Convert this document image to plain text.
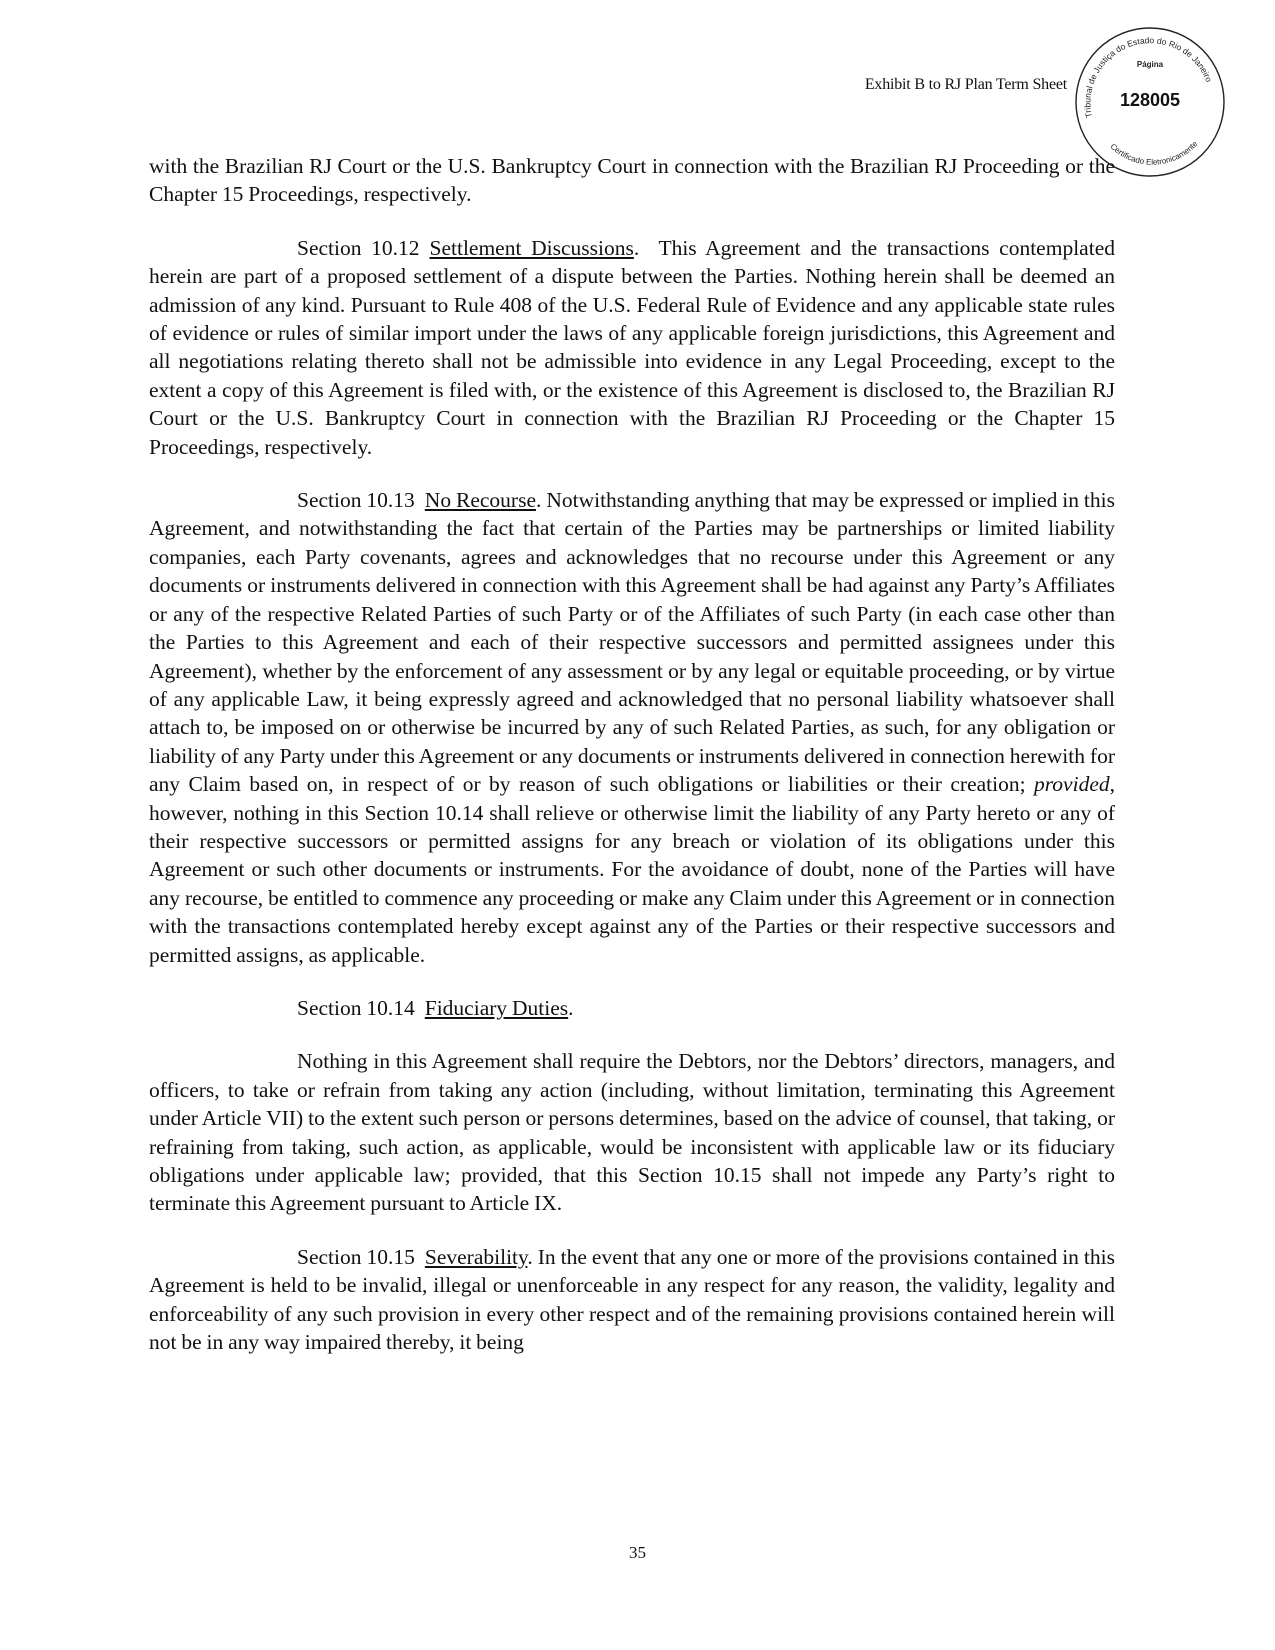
Exhibit B to RJ Plan Term Sheet
Tribunal de Justiça do Estado do Rio de Janeiro
Certificado Eletronicamente
Página
128005

with the Brazilian RJ Court or the U.S. Bankruptcy Court in connection with the Brazilian RJ Proceeding or the Chapter 15 Proceedings, respectively.

Section 10.12 Settlement Discussions. This Agreement and the transactions contemplated herein are part of a proposed settlement of a dispute between the Parties. Nothing herein shall be deemed an admission of any kind. Pursuant to Rule 408 of the U.S. Federal Rule of Evidence and any applicable state rules of evidence or rules of similar import under the laws of any applicable foreign jurisdictions, this Agreement and all negotiations relating thereto shall not be admissible into evidence in any Legal Proceeding, except to the extent a copy of this Agreement is filed with, or the existence of this Agreement is disclosed to, the Brazilian RJ Court or the U.S. Bankruptcy Court in connection with the Brazilian RJ Proceeding or the Chapter 15 Proceedings, respectively.

Section 10.13 No Recourse. Notwithstanding anything that may be expressed or implied in this Agreement, and notwithstanding the fact that certain of the Parties may be partnerships or limited liability companies, each Party covenants, agrees and acknowledges that no recourse under this Agreement or any documents or instruments delivered in connection with this Agreement shall be had against any Party’s Affiliates or any of the respective Related Parties of such Party or of the Affiliates of such Party (in each case other than the Parties to this Agreement and each of their respective successors and permitted assignees under this Agreement), whether by the enforcement of any assessment or by any legal or equitable proceeding, or by virtue of any applicable Law, it being expressly agreed and acknowledged that no personal liability whatsoever shall attach to, be imposed on or otherwise be incurred by any of such Related Parties, as such, for any obligation or liability of any Party under this Agreement or any documents or instruments delivered in connection herewith for any Claim based on, in respect of or by reason of such obligations or liabilities or their creation; provided, however, nothing in this Section 10.14 shall relieve or otherwise limit the liability of any Party hereto or any of their respective successors or permitted assigns for any breach or violation of its obligations under this Agreement or such other documents or instruments. For the avoidance of doubt, none of the Parties will have any recourse, be entitled to commence any proceeding or make any Claim under this Agreement or in connection with the transactions contemplated hereby except against any of the Parties or their respective successors and permitted assigns, as applicable.

Section 10.14 Fiduciary Duties.

Nothing in this Agreement shall require the Debtors, nor the Debtors’ directors, managers, and officers, to take or refrain from taking any action (including, without limitation, terminating this Agreement under Article VII) to the extent such person or persons determines, based on the advice of counsel, that taking, or refraining from taking, such action, as applicable, would be inconsistent with applicable law or its fiduciary obligations under applicable law; provided, that this Section 10.15 shall not impede any Party’s right to terminate this Agreement pursuant to Article IX.

Section 10.15 Severability. In the event that any one or more of the provisions contained in this Agreement is held to be invalid, illegal or unenforceable in any respect for any reason, the validity, legality and enforceability of any such provision in every other respect and of the remaining provisions contained herein will not be in any way impaired thereby, it being

35
